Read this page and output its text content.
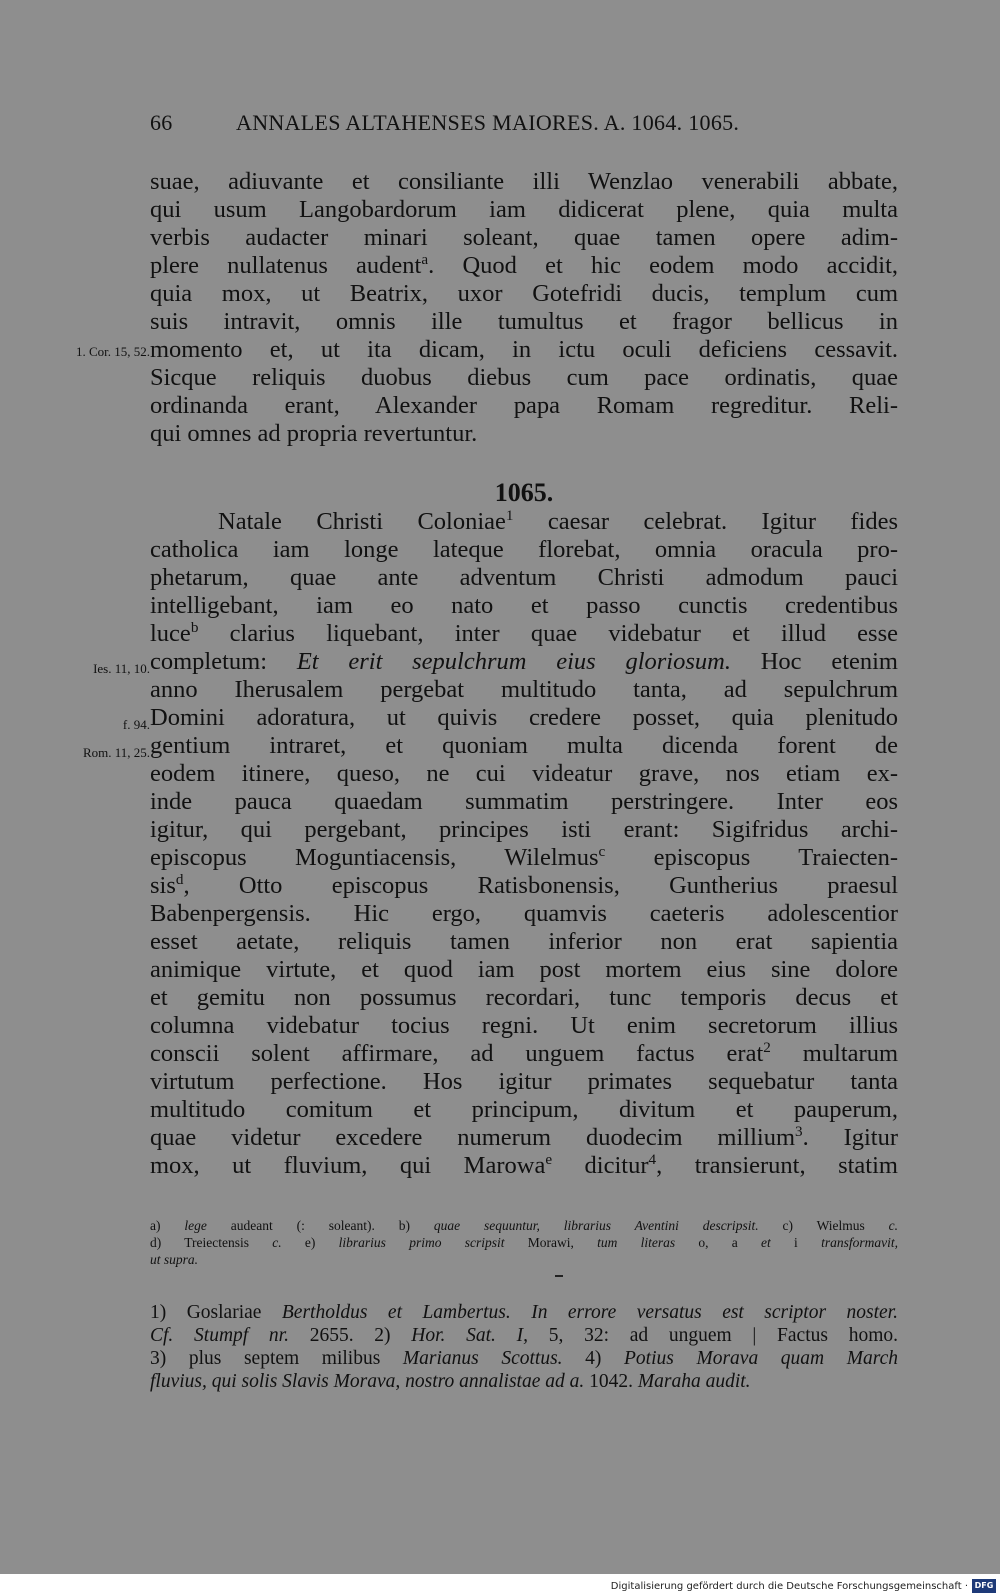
66	ANNALES ALTAHENSES MAIORES. A. 1064. 1065.
suae, adiuvante et consiliante illi Wenzlao venerabili abbate,
qui usum Langobardorum iam didicerat plene, quia multa
verbis audacter minari soleant, quae tamen opere adim-
plere nullatenus audent$^a$. Quod et hic eodem modo accidit,
quia mox, ut Beatrix, uxor Gotefridi ducis, templum cum
suis intravit, omnis ille tumultus et fragor bellicus in
momento et, ut ita dicam, in ictu oculi deficiens cessavit.
Sicque reliquis duobus diebus cum pace ordinatis, quae
ordinanda erant, Alexander papa Romam regreditur. Reli-
qui omnes ad propria revertuntur.
1. Cor. 15, 52.
1065.
Natale Christi Coloniae$^1$ caesar celebrat. Igitur fides
catholica iam longe lateque florebat, omnia oracula pro-
phetarum, quae ante adventum Christi admodum pauci
intelligebant, iam eo nato et passo cunctis credentibus
luce$^b$ clarius liquebant, inter quae videbatur et illud esse
completum: Et erit sepulchrum eius gloriosum. Hoc etenim
anno Iherusalem pergebat multitudo tanta, ad sepulchrum
Domini adoratura, ut quivis credere posset, quia plenitudo
gentium intraret, et quoniam multa dicenda forent de
eodem itinere, queso, ne cui videatur grave, nos etiam ex-
inde pauca quaedam summatim perstringere. Inter eos
igitur, qui pergebant, principes isti erant: Sigifridus archi-
episcopus Moguntiacensis, Wilelmus$^c$ episcopus Traiecten-
sis$^d$, Otto episcopus Ratisbonensis, Guntherius praesul
Babenpergensis. Hic ergo, quamvis caeteris adolescentior
esset aetate, reliquis tamen inferior non erat sapientia
animique virtute, et quod iam post mortem eius sine dolore
et gemitu non possumus recordari, tunc temporis decus et
columna videbatur tocius regni. Ut enim secretorum illius
conscii solent affirmare, ad unguem factus erat$^2$ multarum
virtutum perfectione. Hos igitur primates sequebatur tanta
multitudo comitum et principum, divitum et pauperum,
quae videtur excedere numerum duodecim millium$^3$. Igitur
mox, ut fluvium, qui Marowa$^e$ dicitur$^4$, transierunt, statim
Ies. 11, 10.
f. 94.
Rom. 11, 25.
a) lege audeant (: soleant). b) quae sequuntur, librarius Aventini descripsit. c) Wielmus c.
d) Treiectensis c. e) librarius primo scripsit Morawi, tum literas o, a et i transformavit,
ut supra.
1) Goslariae Bertholdus et Lambertus. In errore versatus est scriptor noster.
Cf. Stumpf nr. 2655. 2) Hor. Sat. I, 5, 32: ad unguem | Factus homo.
3) plus septem milibus Marianus Scottus. 4) Potius Morava quam March
fluvius, qui solis Slavis Morava, nostro annalistae ad a. 1042. Maraha audit.
Digitalisierung gefördert durch die Deutsche Forschungsgemeinschaft · DFG
